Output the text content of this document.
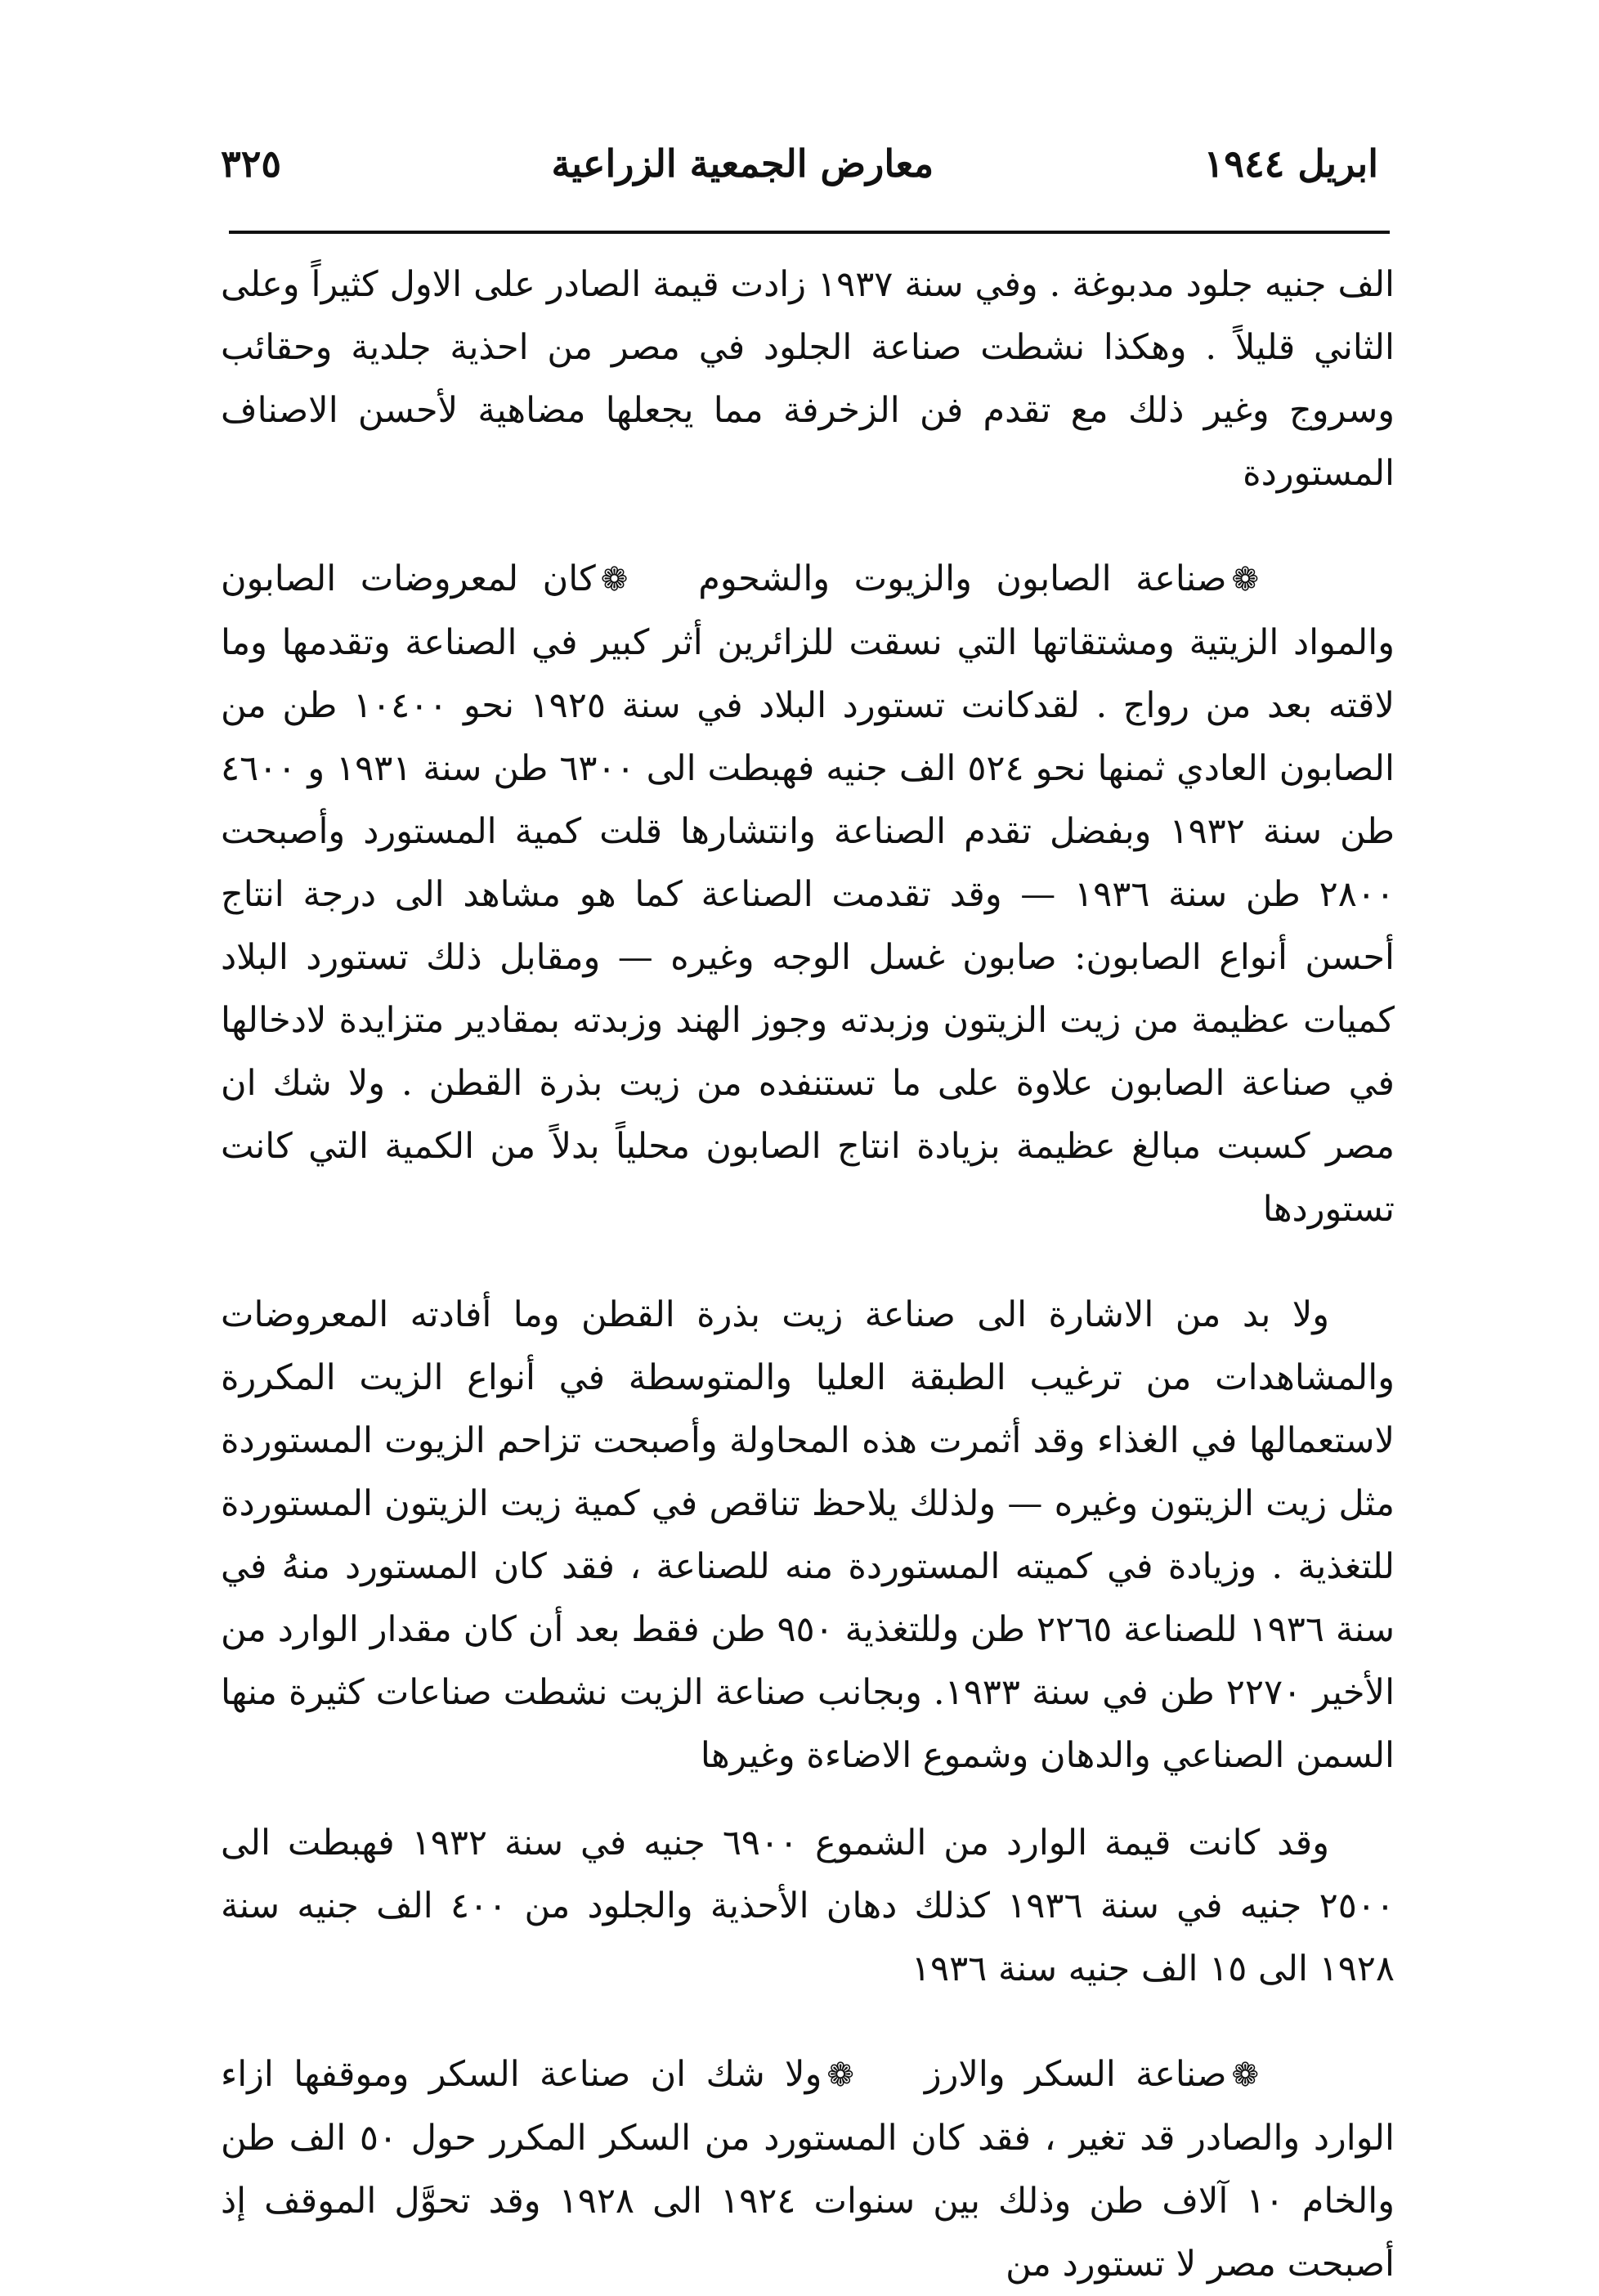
ابريل ١٩٤٤
معارض الجمعية الزراعية
٣٢٥

الف جنيه جلود مدبوغة . وفي سنة ١٩٣٧ زادت قيمة الصادر على الاول كثيراً وعلى الثاني قليلاً . وهكذا نشطت صناعة الجلود في مصر من احذية جلدية وحقائب وسروج وغير ذلك مع تقدم فن الزخرفة مما يجعلها مضاهية لأحسن الاصناف المستوردة

❁صناعة الصابون والزيوت والشحوم❁كان لمعروضات الصابون والمواد الزيتية ومشتقاتها التي نسقت للزائرين أثر كبير في الصناعة وتقدمها وما لاقته بعد من رواج . لقدكانت تستورد البلاد في سنة ١٩٢٥ نحو ١٠٤٠٠ طن من الصابون العادي ثمنها نحو ٥٢٤ الف جنيه فهبطت الى ٦٣٠٠ طن سنة ١٩٣١ و ٤٦٠٠ طن سنة ١٩٣٢ وبفضل تقدم الصناعة وانتشارها قلت كمية المستورد وأصبحت ٢٨٠٠ طن سنة ١٩٣٦ — وقد تقدمت الصناعة كما هو مشاهد الى درجة انتاج أحسن أنواع الصابون: صابون غسل الوجه وغيره — ومقابل ذلك تستورد البلاد كميات عظيمة من زيت الزيتون وزبدته وجوز الهند وزبدته بمقادير متزايدة لادخالها في صناعة الصابون علاوة على ما تستنفده من زيت بذرة القطن . ولا شك ان مصر كسبت مبالغ عظيمة بزيادة انتاج الصابون محلياً بدلاً من الكمية التي كانت تستوردها

ولا بد من الاشارة الى صناعة زيت بذرة القطن وما أفادته المعروضات والمشاهدات من ترغيب الطبقة العليا والمتوسطة في أنواع الزيت المكررة لاستعمالها في الغذاء وقد أثمرت هذه المحاولة وأصبحت تزاحم الزيوت المستوردة مثل زيت الزيتون وغيره — ولذلك يلاحظ تناقص في كمية زيت الزيتون المستوردة للتغذية . وزيادة في كميته المستوردة منه للصناعة ، فقد كان المستورد منهُ في سنة ١٩٣٦ للصناعة ٢٢٦٥ طن وللتغذية ٩٥٠ طن فقط بعد أن كان مقدار الوارد من الأخير ٢٢٧٠ طن في سنة ١٩٣٣. وبجانب صناعة الزيت نشطت صناعات كثيرة منها السمن الصناعي والدهان وشموع الاضاءة وغيرها

وقد كانت قيمة الوارد من الشموع ٦٩٠٠ جنيه في سنة ١٩٣٢ فهبطت الى ٢٥٠٠ جنيه في سنة ١٩٣٦ كذلك دهان الأحذية والجلود من ٤٠٠ الف جنيه سنة ١٩٢٨ الى ١٥ الف جنيه سنة ١٩٣٦

❁صناعة السكر والارز❁ولا شك ان صناعة السكر وموقفها ازاء الوارد والصادر قد تغير ، فقد كان المستورد من السكر المكرر حول ٥٠ الف طن والخام ١٠ آلاف طن وذلك بين سنوات ١٩٢٤ الى ١٩٢٨ وقد تحوَّل الموقف إذ أصبحت مصر لا تستورد من
